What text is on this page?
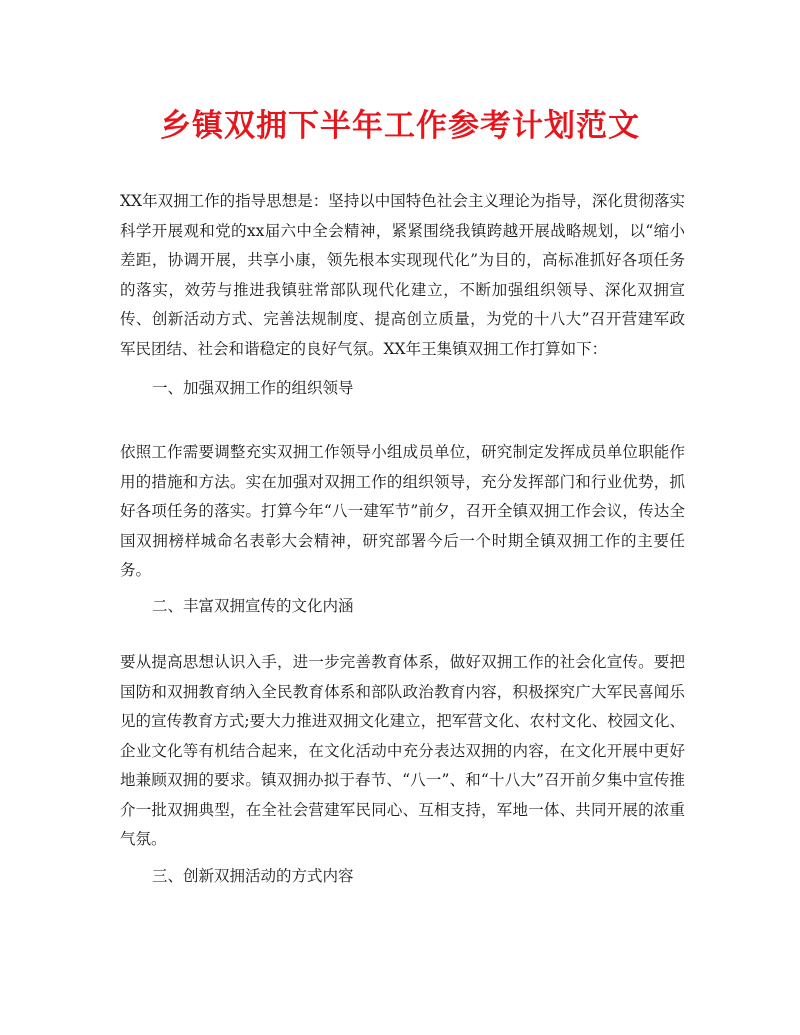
乡镇双拥下半年工作参考计划范文

XX年双拥工作的指导思想是：坚持以中国特色社会主义理论为指导，深化贯彻落实科学开展观和党的xx届六中全会精神，紧紧围绕我镇跨越开展战略规划，以“缩小差距，协调开展，共享小康，领先根本实现现代化”为目的，高标准抓好各项任务的落实，效劳与推进我镇驻常部队现代化建立，不断加强组织领导、深化双拥宣传、创新活动方式、完善法规制度、提高创立质量，为党的十八大”召开营建军政军民团结、社会和谐稳定的良好气氛。XX年王集镇双拥工作打算如下：

一、加强双拥工作的组织领导

依照工作需要调整充实双拥工作领导小组成员单位，研究制定发挥成员单位职能作用的措施和方法。实在加强对双拥工作的组织领导，充分发挥部门和行业优势，抓好各项任务的落实。打算今年“八一建军节”前夕，召开全镇双拥工作会议，传达全国双拥榜样城命名表彰大会精神，研究部署今后一个时期全镇双拥工作的主要任务。

二、丰富双拥宣传的文化内涵

要从提高思想认识入手，进一步完善教育体系，做好双拥工作的社会化宣传。要把国防和双拥教育纳入全民教育体系和部队政治教育内容，积极探究广大军民喜闻乐见的宣传教育方式;要大力推进双拥文化建立，把军营文化、农村文化、校园文化、企业文化等有机结合起来，在文化活动中充分表达双拥的内容，在文化开展中更好地兼顾双拥的要求。镇双拥办拟于春节、“八一”、和“十八大”召开前夕集中宣传推介一批双拥典型，在全社会营建军民同心、互相支持，军地一体、共同开展的浓重气氛。

三、创新双拥活动的方式内容
